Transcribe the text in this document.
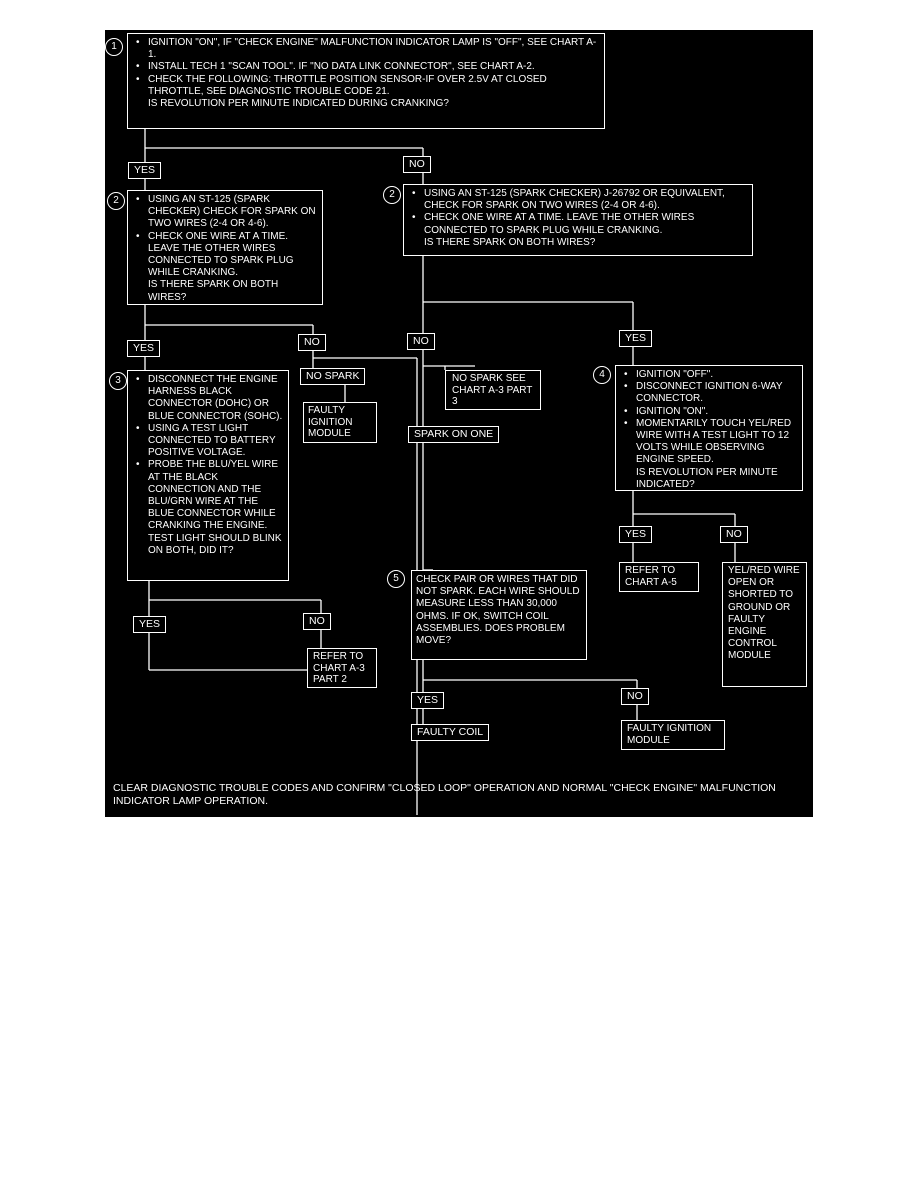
1	• IGNITION "ON", IF "CHECK ENGINE" MALFUNCTION INDICATOR LAMP IS "OFF", SEE CHART A-1.
• INSTALL TECH 1 "SCAN TOOL". IF "NO DATA LINK CONNECTOR", SEE CHART A-2.
• CHECK THE FOLLOWING: THROTTLE POSITION SENSOR-IF OVER 2.5V AT CLOSED THROTTLE, SEE DIAGNOSTIC TROUBLE CODE 21.
IS REVOLUTION PER MINUTE INDICATED DURING CRANKING?
YES	NO
2	• USING AN ST-125 (SPARK CHECKER) CHECK FOR SPARK ON TWO WIRES (2-4 OR 4-6).
• CHECK ONE WIRE AT A TIME. LEAVE THE OTHER WIRES CONNECTED TO SPARK PLUG WHILE CRANKING.
IS THERE SPARK ON BOTH WIRES?
2	• USING AN ST-125 (SPARK CHECKER) J-26792 OR EQUIVALENT, CHECK FOR SPARK ON TWO WIRES (2-4 OR 4-6).
• CHECK ONE WIRE AT A TIME. LEAVE THE OTHER WIRES CONNECTED TO SPARK PLUG WHILE CRANKING.
IS THERE SPARK ON BOTH WIRES?
YES	NO	NO	YES
3	• DISCONNECT THE ENGINE HARNESS BLACK CONNECTOR (DOHC) OR BLUE CONNECTOR (SOHC).
• USING A TEST LIGHT CONNECTED TO BATTERY POSITIVE VOLTAGE.
• PROBE THE BLU/YEL WIRE AT THE BLACK CONNECTION AND THE BLU/GRN WIRE AT THE BLUE CONNECTOR WHILE CRANKING THE ENGINE.
TEST LIGHT SHOULD BLINK ON BOTH, DID IT?
NO SPARK
FAULTY IGNITION MODULE
NO SPARK SEE CHART A-3 PART 3
SPARK ON ONE
4	• IGNITION "OFF".
• DISCONNECT IGNITION 6-WAY CONNECTOR.
• IGNITION "ON".
• MOMENTARILY TOUCH YEL/RED WIRE WITH A TEST LIGHT TO 12 VOLTS WHILE OBSERVING ENGINE SPEED.
IS REVOLUTION PER MINUTE INDICATED?
YES	NO
REFER TO CHART A-5
YEL/RED WIRE OPEN OR SHORTED TO GROUND OR FAULTY ENGINE CONTROL MODULE
5	CHECK PAIR OR WIRES THAT DID NOT SPARK. EACH WIRE SHOULD MEASURE LESS THAN 30,000 OHMS. IF OK, SWITCH COIL ASSEMBLIES. DOES PROBLEM MOVE?
YES	NO
REFER TO CHART A-3 PART 2
YES	NO
FAULTY COIL	FAULTY IGNITION MODULE
CLEAR DIAGNOSTIC TROUBLE CODES AND CONFIRM "CLOSED LOOP" OPERATION AND NORMAL "CHECK ENGINE" MALFUNCTION INDICATOR LAMP OPERATION.
